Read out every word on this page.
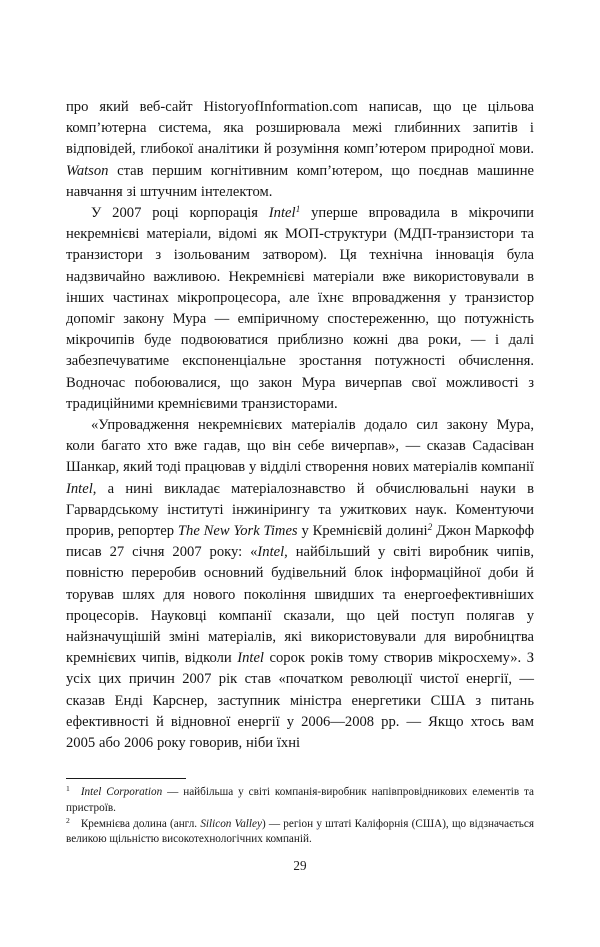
про який веб-сайт HistoryofInformation.com написав, що це цільова комп’ютерна система, яка розширювала межі глибинних запитів і відповідей, глибокої аналітики й розуміння комп’ютером природної мови. Watson став першим когнітивним комп’ютером, що поєднав машинне навчання зі штучним інтелектом.

У 2007 році корпорація Intel$^1$ уперше впровадила в мікрочипи некремнієві матеріали, відомі як МОП-структури (МДП-транзистори та транзистори з ізольованим затвором). Ця технічна інновація була надзвичайно важливою. Некремнієві матеріали вже використовували в інших частинах мікропроцесора, але їхнє впровадження у транзистор допоміг закону Мура — емпіричному спостереженню, що потужність мікрочипів буде подвоюватися приблизно кожні два роки, — і далі забезпечуватиме експоненціальне зростання потужності обчислення. Водночас побоювалися, що закон Мура вичерпав свої можливості з традиційними кремнієвими транзисторами.

«Упровадження некремнієвих матеріалів додало сил закону Мура, коли багато хто вже гадав, що він себе вичерпав», — сказав Садасіван Шанкар, який тоді працював у відділі створення нових матеріалів компанії Intel, а нині викладає матеріалознавство й обчислювальні науки в Гарвардському інституті інжинірингу та ужиткових наук. Коментуючи прорив, репортер The New York Times у Кремнієвій долині$^2$ Джон Маркофф писав 27 січня 2007 року: «Intel, найбільший у світі виробник чипів, повністю переробив основний будівельний блок інформаційної доби й торував шлях для нового покоління швидших та енергоефективніших процесорів. Науковці компанії сказали, що цей поступ полягав у найзначущішій зміні матеріалів, які використовували для виробництва кремнієвих чипів, відколи Intel сорок років тому створив мікросхему». З усіх цих причин 2007 рік став «початком революції чистої енергії, — сказав Енді Карснер, заступник міністра енергетики США з питань ефективності й відновної енергії у 2006—2008 рр. — Якщо хтось вам 2005 або 2006 року говорив, ніби їхні

$^1$ Intel Corporation — найбільша у світі компанія-виробник напівпровідникових елементів та пристроїв.

$^2$ Кремнієва долина (англ. Silicon Valley) — регіон у штаті Каліфорнія (США), що відзначається великою щільністю високотехнологічних компаній.

29
